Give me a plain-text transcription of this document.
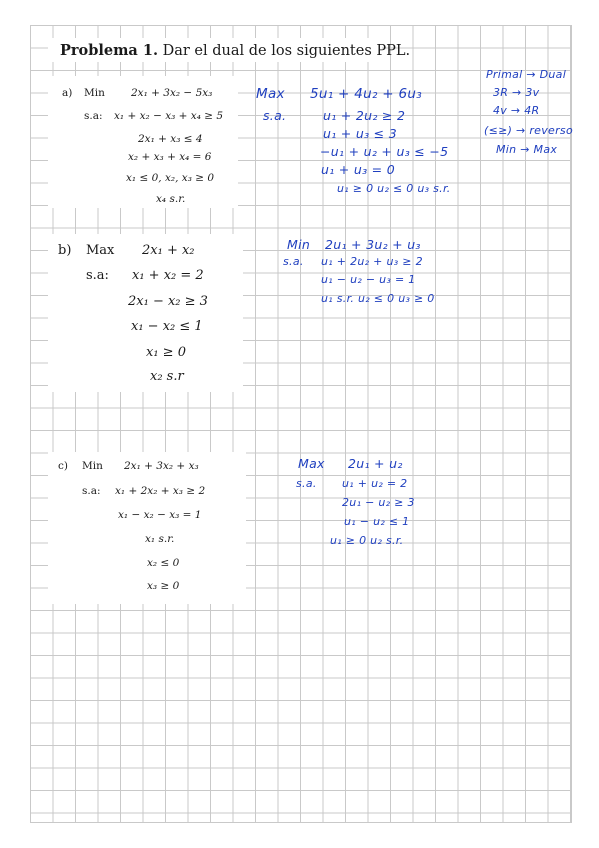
Problema 1. Dar el dual de los siguientes PPL.
a) Min 2x₁ + 3x₂ − 5x₃
s.a: x₁ + x₂ − x₃ + x₄ ≥ 5
2x₁ + x₃ ≤ 4
x₂ + x₃ + x₄ = 6
x₁ ≤ 0, x₂, x₃ ≥ 0
x₄ s.r.
b) Max 2x₁ + x₂
s.a: x₁ + x₂ = 2
2x₁ − x₂ ≥ 3
x₁ − x₂ ≤ 1
x₁ ≥ 0
x₂ s.r
c) Min 2x₁ + 3x₂ + x₃
s.a: x₁ + 2x₂ + x₃ ≥ 2
x₁ − x₂ − x₃ = 1
x₁ s.r.
x₂ ≤ 0
x₃ ≥ 0
Max 5u₁ + 4u₂ + 6u₃
s.a.	u₁ + 2u₂ ≥ 2
u₁ + u₃ ≤ 3
−u₁ + u₂ + u₃ ≤ −5
u₁ + u₃ = 0
u₁ ≥ 0 u₂ ≤ 0 u₃ s.r.
Min 2u₁ + 3u₂ + u₃
s.a. u₁ + 2u₂ + u₃ ≥ 2
u₁ − u₂ − u₃ = 1
u₁ s.r. u₂ ≤ 0 u₃ ≥ 0
Max 2u₁ + u₂
s.a. u₁ + u₂ = 2
2u₁ − u₂ ≥ 3
u₁ − u₂ ≤ 1
u₁ ≥ 0 u₂ s.r.
Primal → Dual
3R → 3v
4v → 4R
(≤≥) → reverso
Min → Max
